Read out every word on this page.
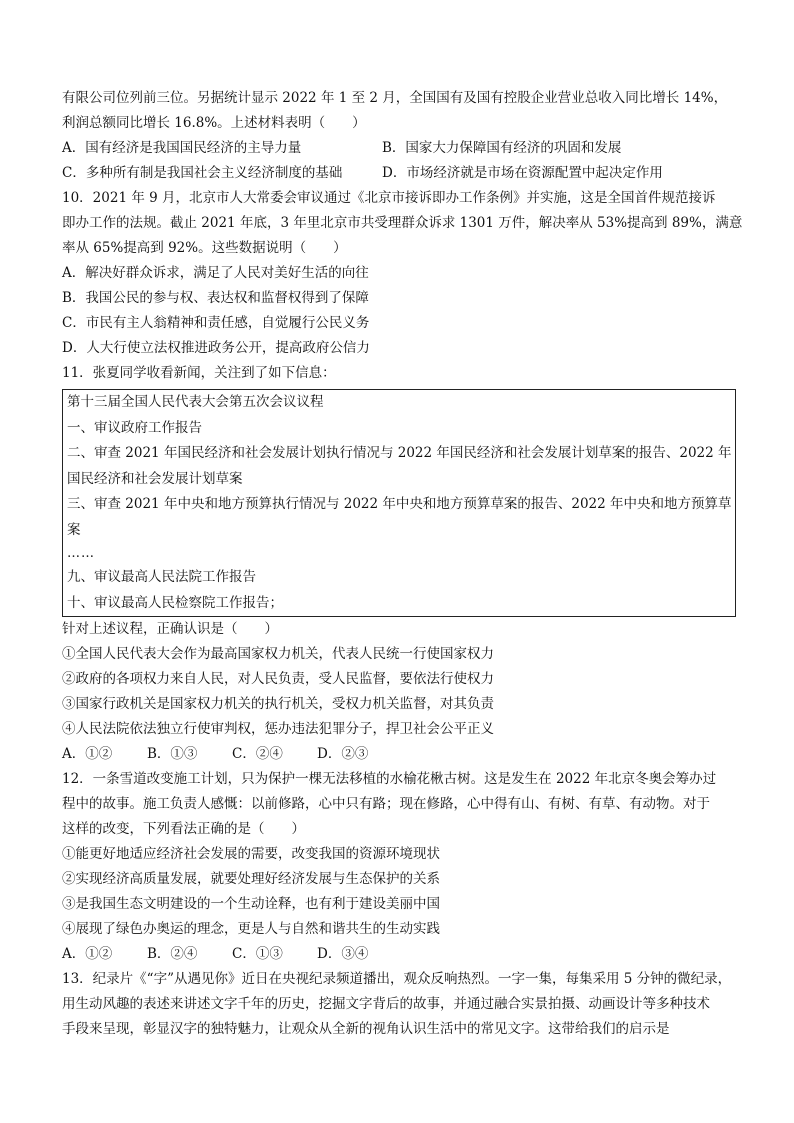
有限公司位列前三位。另据统计显示 2022 年 1 至 2 月，全国国有及国有控股企业营业总收入同比增长 14%，
利润总额同比增长 16.8%。上述材料表明（　　）
A．国有经济是我国国民经济的主导力量	B．国家大力保障国有经济的巩固和发展
C．多种所有制是我国社会主义经济制度的基础	D．市场经济就是市场在资源配置中起决定作用
10．2021 年 9 月，北京市人大常委会审议通过《北京市接诉即办工作条例》并实施，这是全国首件规范接诉
即办工作的法规。截止 2021 年底，3 年里北京市共受理群众诉求 1301 万件，解决率从 53%提高到 89%，满意
率从 65%提高到 92%。这些数据说明（　　）
A．解决好群众诉求，满足了人民对美好生活的向往
B．我国公民的参与权、表达权和监督权得到了保障
C．市民有主人翁精神和责任感，自觉履行公民义务
D．人大行使立法权推进政务公开，提高政府公信力
11．张夏同学收看新闻，关注到了如下信息：
第十三届全国人民代表大会第五次会议议程
一、审议政府工作报告
二、审查 2021 年国民经济和社会发展计划执行情况与 2022 年国民经济和社会发展计划草案的报告、2022 年
国民经济和社会发展计划草案
三、审查 2021 年中央和地方预算执行情况与 2022 年中央和地方预算草案的报告、2022 年中央和地方预算草
案
……
九、审议最高人民法院工作报告
十、审议最高人民检察院工作报告；
针对上述议程，正确认识是（　　）
①全国人民代表大会作为最高国家权力机关，代表人民统一行使国家权力
②政府的各项权力来自人民，对人民负责，受人民监督，要依法行使权力
③国家行政机关是国家权力机关的执行机关，受权力机关监督，对其负责
④人民法院依法独立行使审判权，惩办违法犯罪分子，捍卫社会公平正义
A．①②	B．①③	C．②④	D．②③
12．一条雪道改变施工计划，只为保护一棵无法移植的水榆花楸古树。这是发生在 2022 年北京冬奥会筹办过
程中的故事。施工负责人感慨：以前修路，心中只有路；现在修路，心中得有山、有树、有草、有动物。对于
这样的改变，下列看法正确的是（　　）
①能更好地适应经济社会发展的需要，改变我国的资源环境现状
②实现经济高质量发展，就要处理好经济发展与生态保护的关系
③是我国生态文明建设的一个生动诠释，也有利于建设美丽中国
④展现了绿色办奥运的理念，更是人与自然和谐共生的生动实践
A．①②	B．②④	C．①③	D．③④
13．纪录片《“字”从遇见你》近日在央视纪录频道播出，观众反响热烈。一字一集，每集采用 5 分钟的微纪录，
用生动风趣的表述来讲述文字千年的历史，挖掘文字背后的故事，并通过融合实景拍摄、动画设计等多种技术
手段来呈现，彰显汉字的独特魅力，让观众从全新的视角认识生活中的常见文字。这带给我们的启示是
